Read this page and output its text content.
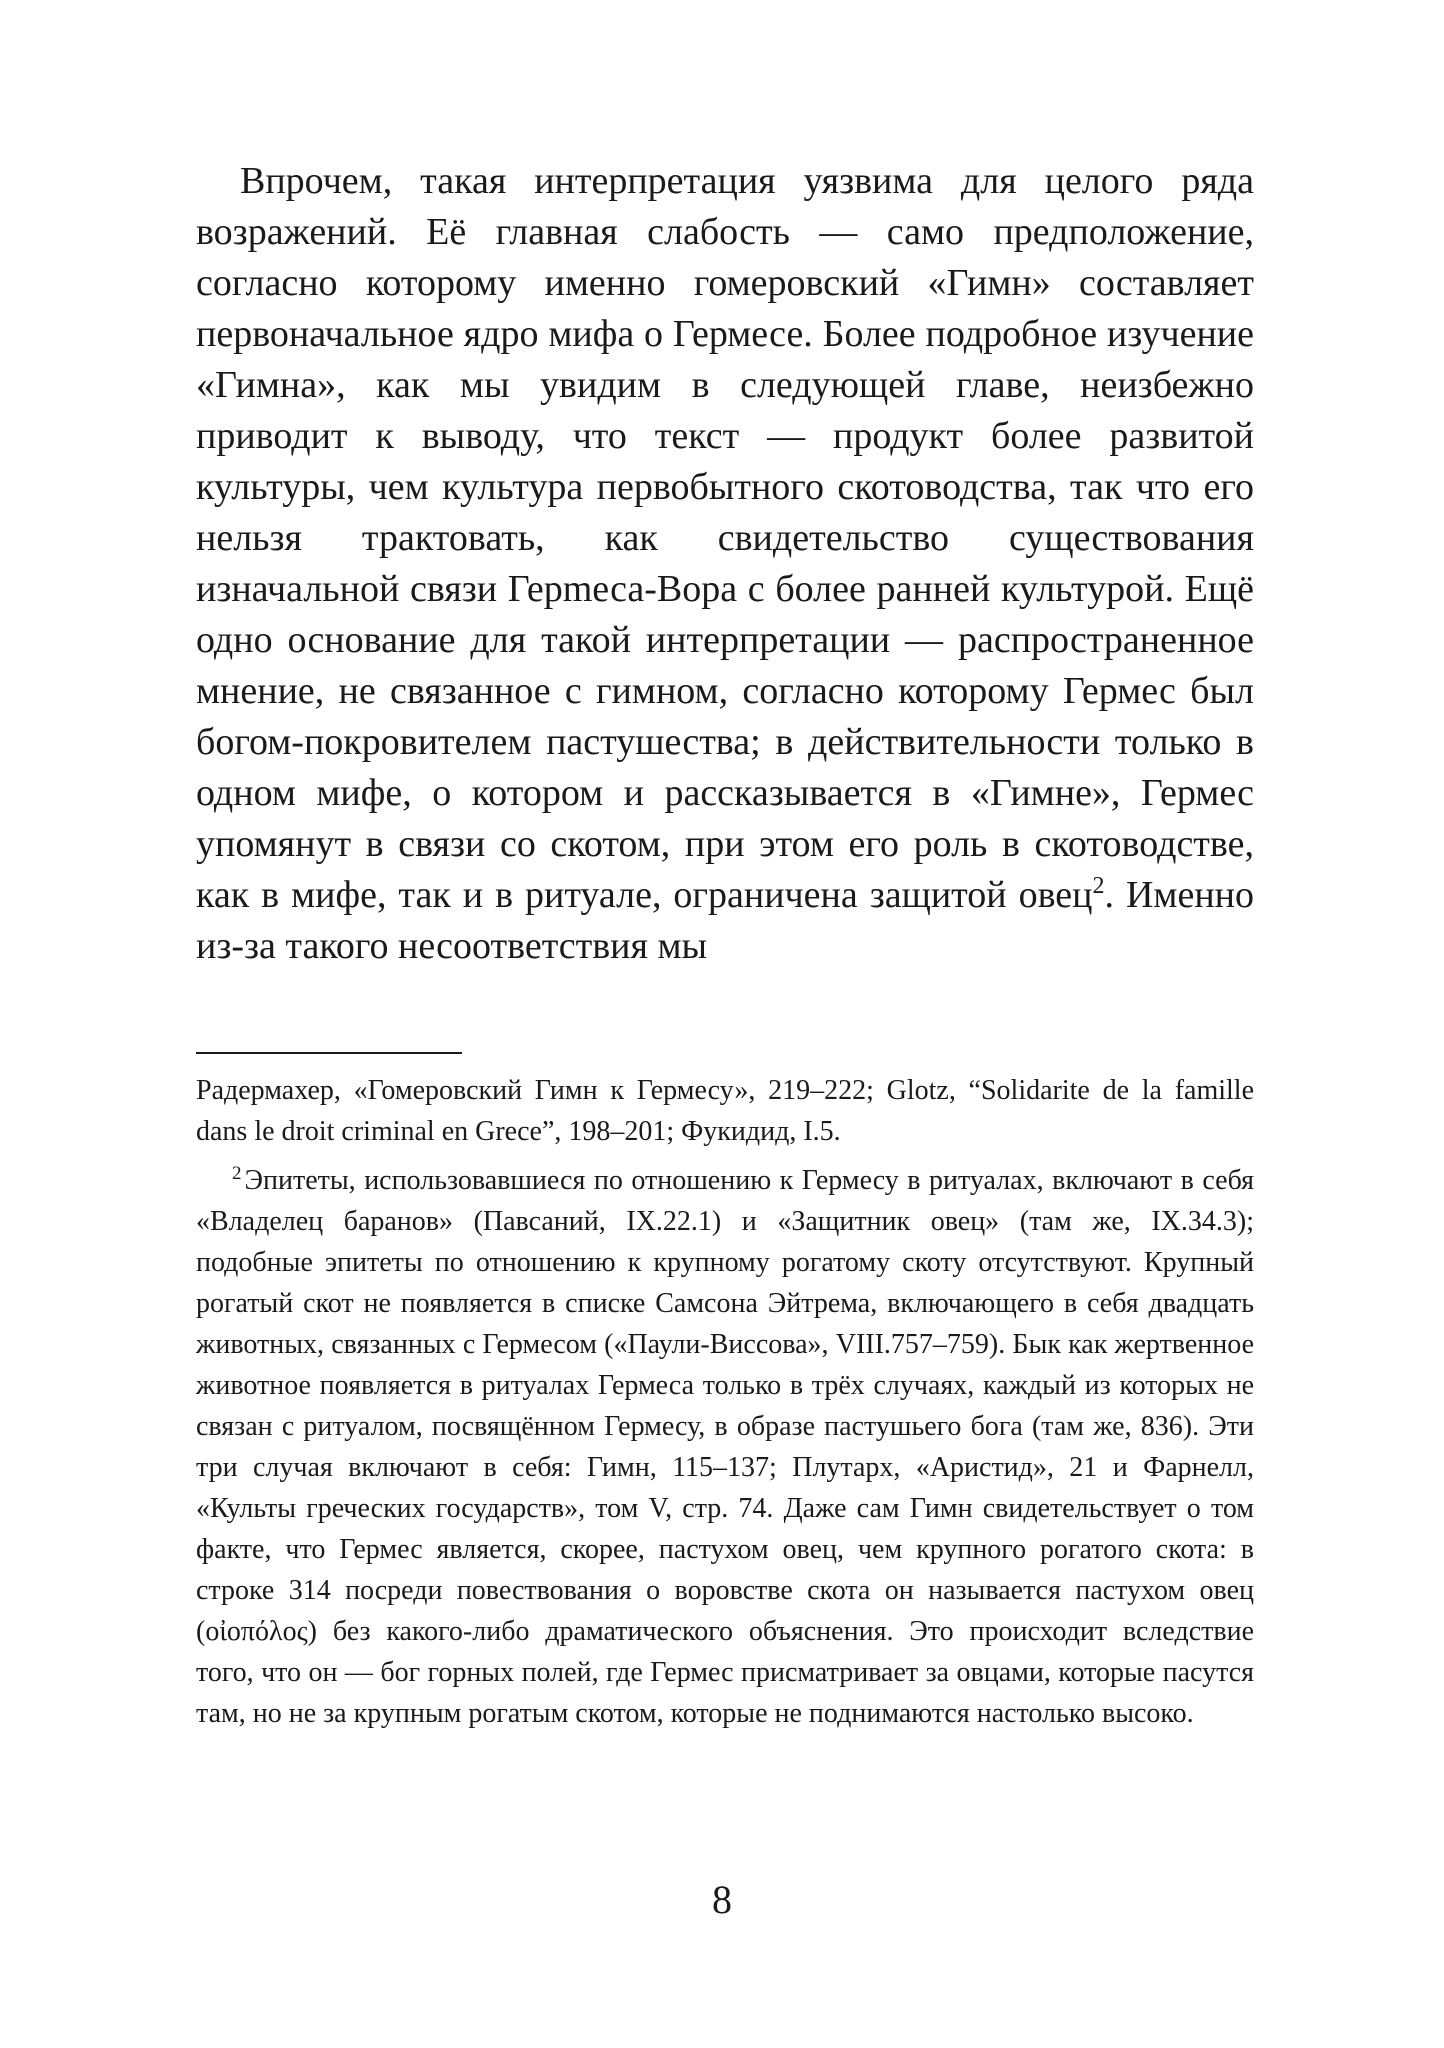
Впрочем, такая интерпретация уязвима для целого ряда возражений. Её главная слабость — само предположение, согласно которому именно гомеровский «Гимн» составляет первоначальное ядро мифа о Гермесе. Более подробное изучение «Гимна», как мы увидим в следующей главе, неизбежно приводит к выводу, что текст — продукт более развитой культуры, чем культура первобытного скотоводства, так что его нельзя трактовать, как свидетельство существования изначальной связи Герmеса-Вора с более ранней культурой. Ещё одно основание для такой интерпретации — распространенное мнение, не связанное с гимном, согласно которому Гермес был богом-покровителем пастушества; в действительности только в одном мифе, о котором и рассказывается в «Гимне», Гермес упомянут в связи со скотом, при этом его роль в скотоводстве, как в мифе, так и в ритуале, ограничена защитой овец$^2$. Именно из-за такого несоответствия мы

Радермахер, «Гомеровский Гимн к Гермесу», 219–222; Glotz, “Solidarite de la famille dans le droit criminal en Grece”, 198–201; Фукидид, I.5.

$^2$ Эпитеты, использовавшиеся по отношению к Гермесу в ритуалах, включают в себя «Владелец баранов» (Павсаний, IX.22.1) и «Защитник овец» (там же, IX.34.3); подобные эпитеты по отношению к крупному рогатому скоту отсутствуют. Крупный рогатый скот не появляется в списке Самсона Эйтрема, включающего в себя двадцать животных, связанных с Гермесом («Паули-Виссова», VIII.757–759). Бык как жертвенное животное появляется в ритуалах Гермеса только в трёх случаях, каждый из которых не связан с ритуалом, посвящённом Гермесу, в образе пастушьего бога (там же, 836). Эти три случая включают в себя: Гимн, 115–137; Плутарх, «Аристид», 21 и Фарнелл, «Культы греческих государств», том V, стр. 74. Даже сам Гимн свидетельствует о том факте, что Гермес является, скорее, пастухом овец, чем крупного рогатого скота: в строке 314 посреди повествования о воровстве скота он называется пастухом овец (οἰοπόλος) без какого-либо драматического объяснения. Это происходит вследствие того, что он — бог горных полей, где Гермес присматривает за овцами, которые пасутся там, но не за крупным рогатым скотом, которые не поднимаются настолько высоко.

8
